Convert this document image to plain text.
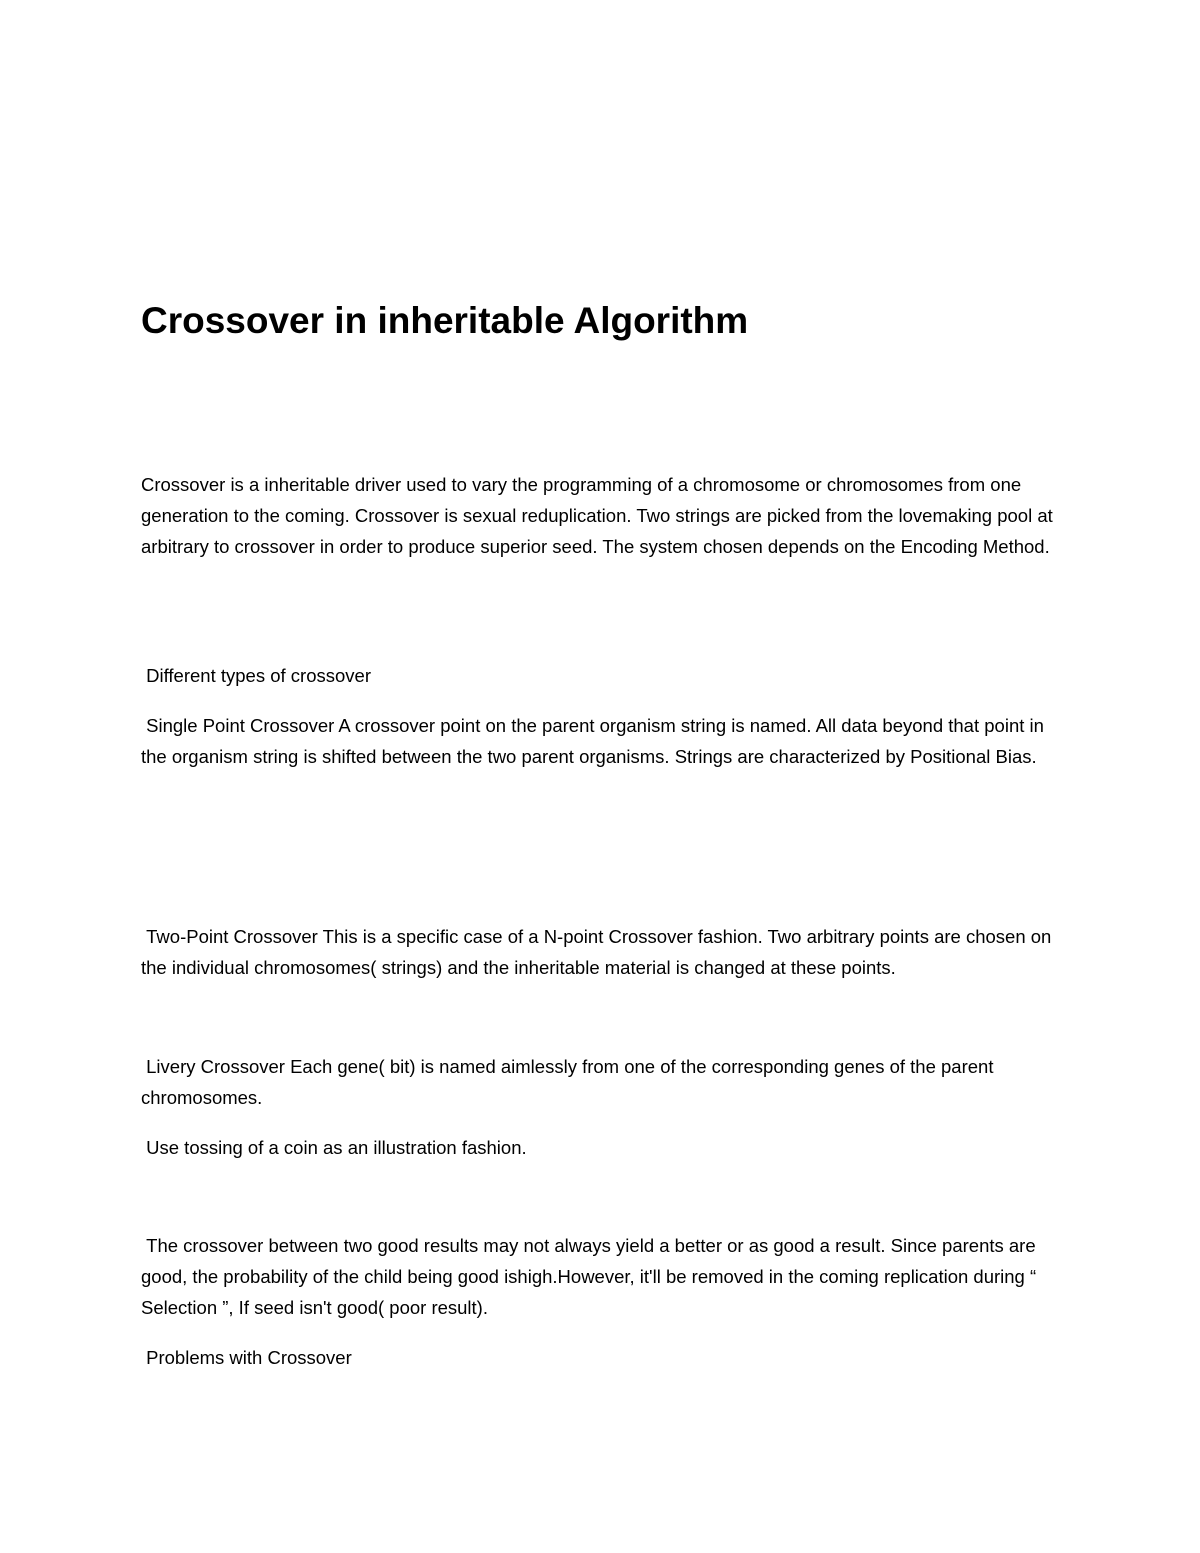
Crossover in inheritable Algorithm

Crossover is a inheritable driver used to vary the programming of a chromosome or chromosomes from one generation to the coming. Crossover is sexual reduplication. Two strings are picked from the lovemaking pool at arbitrary to crossover in order to produce superior seed. The system chosen depends on the Encoding Method.

Different types of crossover

Single Point Crossover A crossover point on the parent organism string is named. All data beyond that point in the organism string is shifted between the two parent organisms. Strings are characterized by Positional Bias.

Two-Point Crossover This is a specific case of a N-point Crossover fashion. Two arbitrary points are chosen on the individual chromosomes( strings) and the inheritable material is changed at these points.

Livery Crossover Each gene( bit) is named aimlessly from one of the corresponding genes of the parent chromosomes.

Use tossing of a coin as an illustration fashion.

The crossover between two good results may not always yield a better or as good a result. Since parents are good, the probability of the child being good ishigh.However, it'll be removed in the coming replication during “ Selection ”, If seed isn't good( poor result).

Problems with Crossover
